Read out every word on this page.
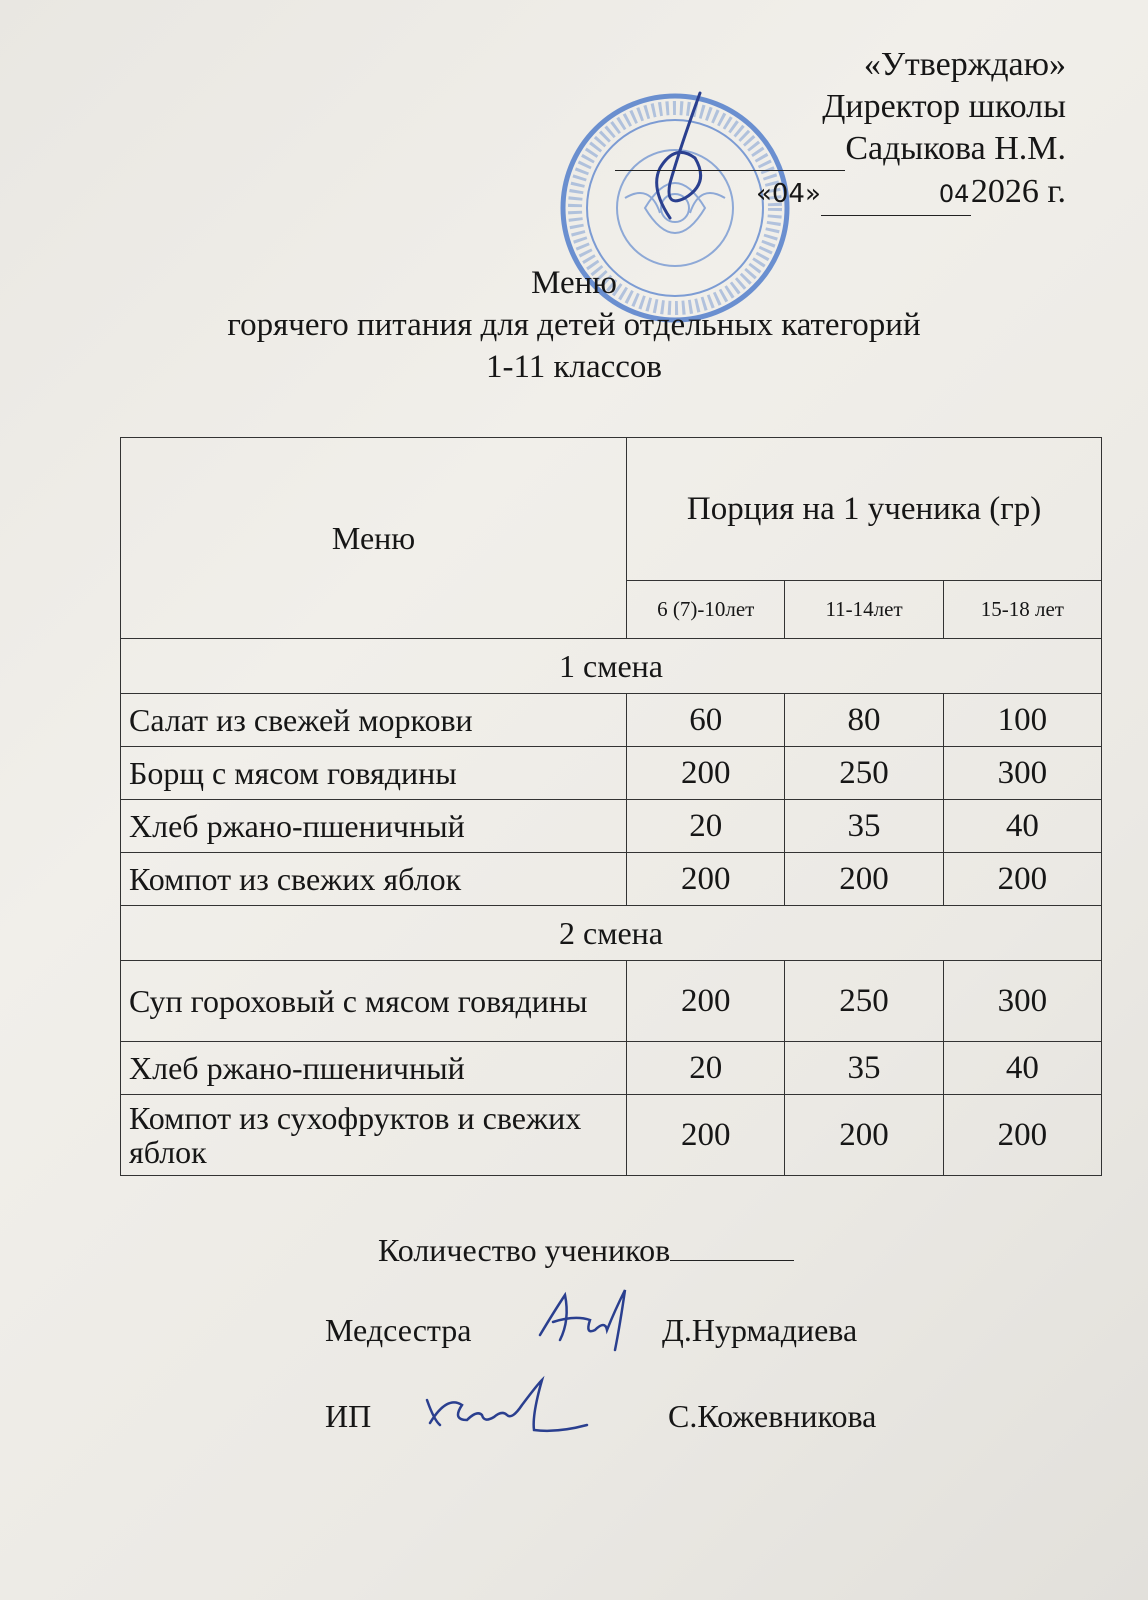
«Утверждаю»
Директор школы
Садыкова Н.М.
«04»	042026 г.
Меню
горячего питания для детей отдельных категорий
1-11 классов
Меню	Порция на 1 ученика (гр)		
	6 (7)-10лет	11-14лет	15-18 лет
1 смена			
Салат из свежей моркови	60	80	100
Борщ с мясом говядины	200	250	300
Хлеб ржано-пшеничный	20	35	40
Компот из свежих яблок	200	200	200
2 смена			
Суп гороховый с мясом говядины	200	250	300
Хлеб ржано-пшеничный	20	35	40
Компот из сухофруктов и свежих яблок	200	200	200
Количество учеников
Медсестра	Д.Нурмадиева
ИП	С.Кожевникова
